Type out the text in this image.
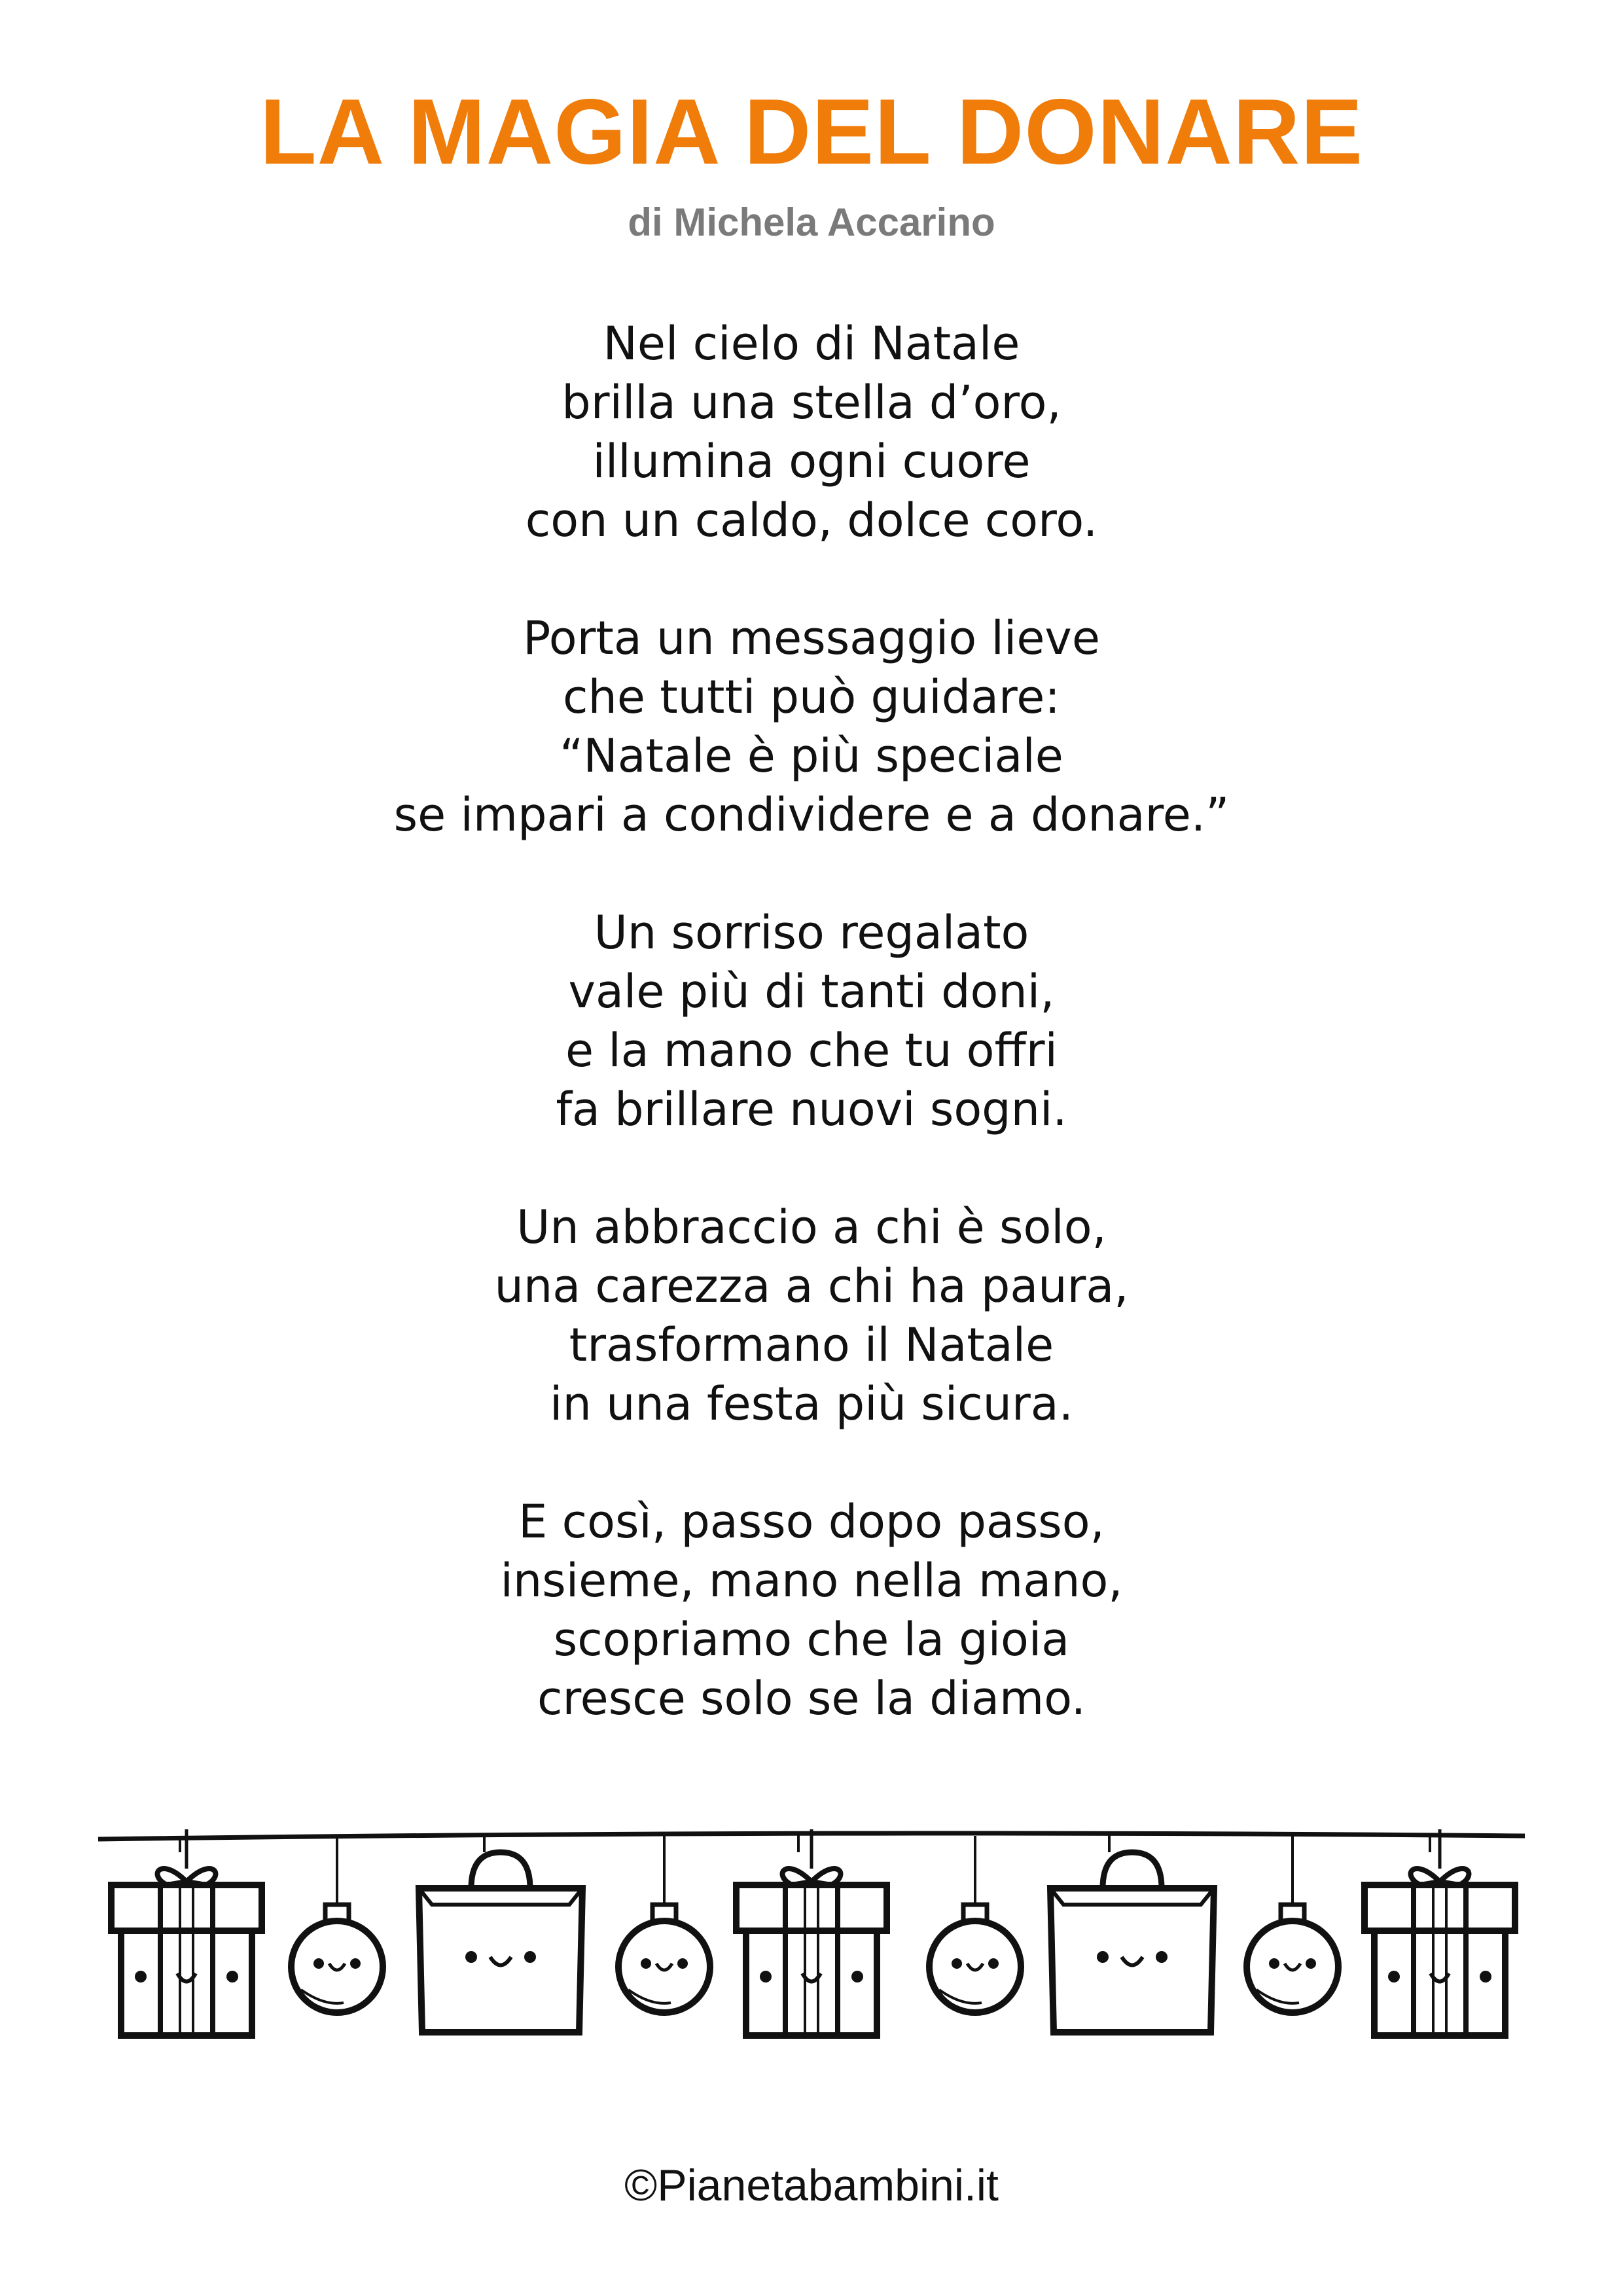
LA MAGIA DEL DONARE
di Michela Accarino
Nel cielo di Natale
brilla una stella d’oro,
illumina ogni cuore
con un caldo, dolce coro.
Porta un messaggio lieve
che tutti può guidare:
“Natale è più speciale
se impari a condividere e a donare.”
Un sorriso regalato
vale più di tanti doni,
e la mano che tu offri
fa brillare nuovi sogni.
Un abbraccio a chi è solo,
una carezza a chi ha paura,
trasformano il Natale
in una festa più sicura.
E così, passo dopo passo,
insieme, mano nella mano,
scopriamo che la gioia
cresce solo se la diamo.
©Pianetabambini.it
